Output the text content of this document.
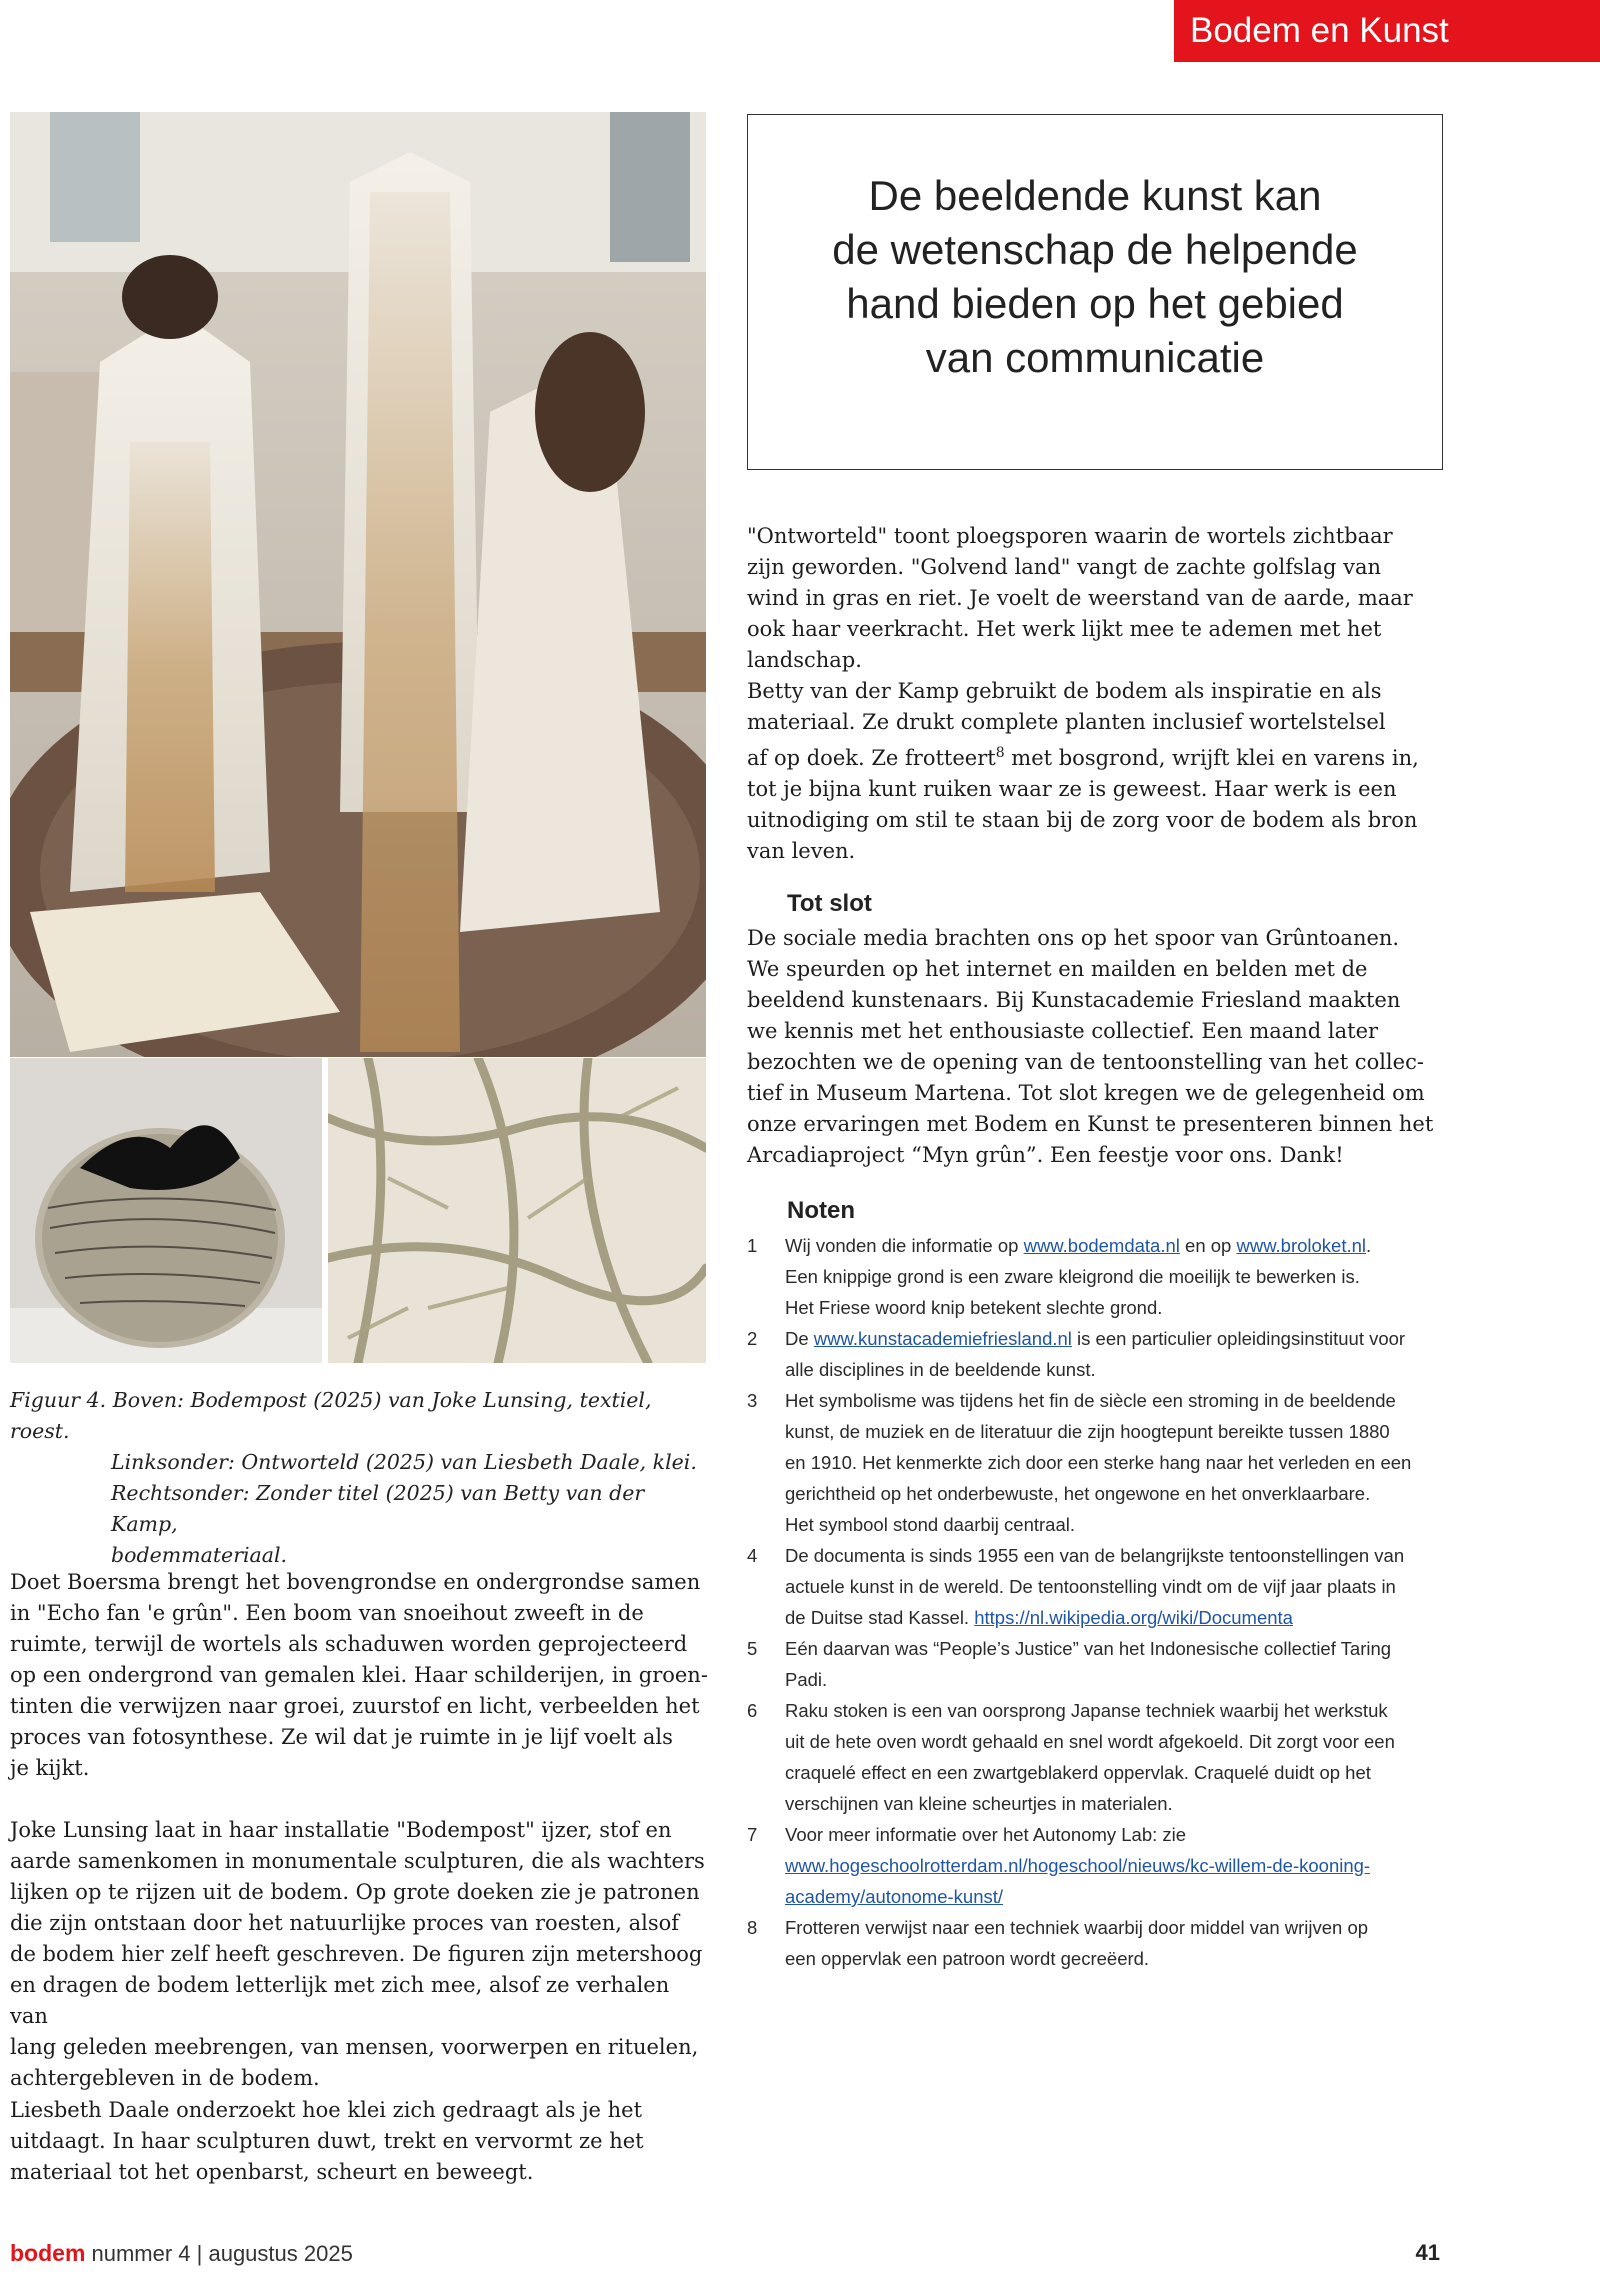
Bodem en Kunst
De beeldende kunst kan
de wetenschap de helpende
hand bieden op het gebied
van communicatie
"Ontworteld" toont ploegsporen waarin de wortels zichtbaar
zijn geworden. "Golvend land" vangt de zachte golfslag van
wind in gras en riet. Je voelt de weerstand van de aarde, maar
ook haar veerkracht. Het werk lijkt mee te ademen met het
landschap.
Betty van der Kamp gebruikt de bodem als inspiratie en als
materiaal. Ze drukt complete planten inclusief wortelstelsel
af op doek. Ze frotteert$^8$ met bosgrond, wrijft klei en varens in,
tot je bijna kunt ruiken waar ze is geweest. Haar werk is een
uitnodiging om stil te staan bij de zorg voor de bodem als bron
van leven.
Tot slot
De sociale media brachten ons op het spoor van Grûntoanen.
We speurden op het internet en mailden en belden met de
beeldend kunstenaars. Bij Kunstacademie Friesland maakten
we kennis met het enthousiaste collectief. Een maand later
bezochten we de opening van de tentoonstelling van het collec-
tief in Museum Martena. Tot slot kregen we de gelegenheid om
onze ervaringen met Bodem en Kunst te presenteren binnen het
Arcadiaproject “Myn grûn”. Een feestje voor ons. Dank!
Figuur 4. Boven: Bodempost (2025) van Joke Lunsing, textiel, roest.
Linksonder: Ontworteld (2025) van Liesbeth Daale, klei.
Rechtsonder: Zonder titel (2025) van Betty van der Kamp,
bodemmateriaal.
Doet Boersma brengt het bovengrondse en ondergrondse samen
in "Echo fan 'e grûn". Een boom van snoeihout zweeft in de
ruimte, terwijl de wortels als schaduwen worden geprojecteerd
op een ondergrond van gemalen klei. Haar schilderijen, in groen-
tinten die verwijzen naar groei, zuurstof en licht, verbeelden het
proces van fotosynthese. Ze wil dat je ruimte in je lijf voelt als
je kijkt.
Joke Lunsing laat in haar installatie "Bodempost" ijzer, stof en
aarde samenkomen in monumentale sculpturen, die als wachters
lijken op te rijzen uit de bodem. Op grote doeken zie je patronen
die zijn ontstaan door het natuurlijke proces van roesten, alsof
de bodem hier zelf heeft geschreven. De figuren zijn metershoog
en dragen de bodem letterlijk met zich mee, alsof ze verhalen van
lang geleden meebrengen, van mensen, voorwerpen en rituelen,
achtergebleven in de bodem.
Liesbeth Daale onderzoekt hoe klei zich gedraagt als je het
uitdaagt. In haar sculpturen duwt, trekt en vervormt ze het
materiaal tot het openbarst, scheurt en beweegt.
Noten
1	Wij vonden die informatie op www.bodemdata.nl en op www.broloket.nl.
Een knippige grond is een zware kleigrond die moeilijk te bewerken is.
Het Friese woord knip betekent slechte grond.
2	De www.kunstacademiefriesland.nl is een particulier opleidingsinstituut voor
alle disciplines in de beeldende kunst.
3	Het symbolisme was tijdens het fin de siècle een stroming in de beeldende
kunst, de muziek en de literatuur die zijn hoogtepunt bereikte tussen 1880
en 1910. Het kenmerkte zich door een sterke hang naar het verleden en een
gerichtheid op het onderbewuste, het ongewone en het onverklaarbare.
Het symbool stond daarbij centraal.
4	De documenta is sinds 1955 een van de belangrijkste tentoonstellingen van
actuele kunst in de wereld. De tentoonstelling vindt om de vijf jaar plaats in
de Duitse stad Kassel. https://nl.wikipedia.org/wiki/Documenta
5	Eén daarvan was “People’s Justice” van het Indonesische collectief Taring
Padi.
6	Raku stoken is een van oorsprong Japanse techniek waarbij het werkstuk
uit de hete oven wordt gehaald en snel wordt afgekoeld. Dit zorgt voor een
craquelé effect en een zwartgeblakerd oppervlak. Craquelé duidt op het
verschijnen van kleine scheurtjes in materialen.
7	Voor meer informatie over het Autonomy Lab: zie
www.hogeschoolrotterdam.nl/hogeschool/nieuws/kc-willem-de-kooning-
academy/autonome-kunst/
8	Frotteren verwijst naar een techniek waarbij door middel van wrijven op
een oppervlak een patroon wordt gecreëerd.
bodem nummer 4 | augustus 2025	41
